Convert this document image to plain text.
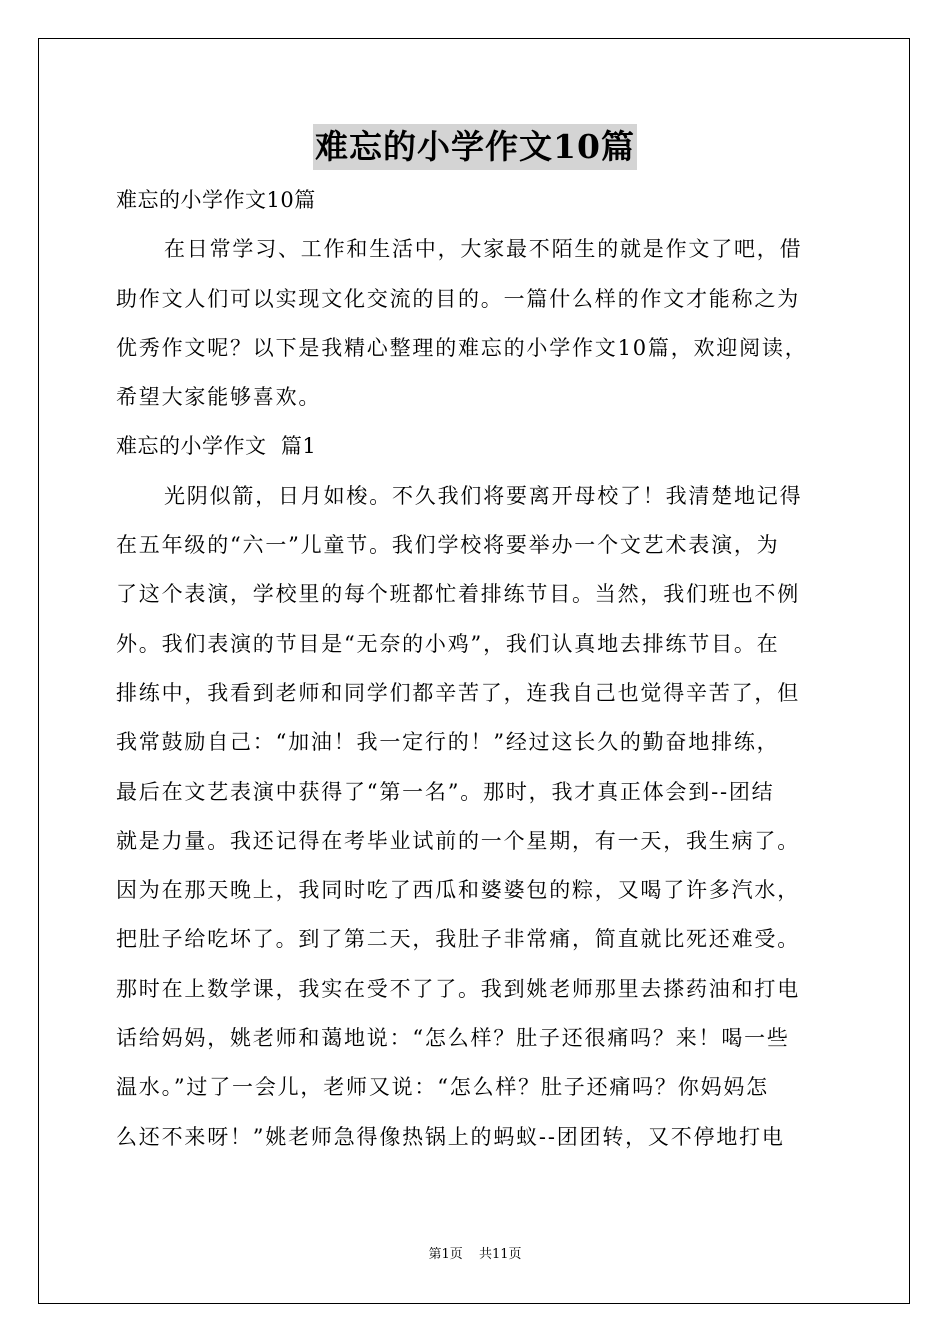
难忘的小学作文10篇
难忘的小学作文10篇
在日常学习、工作和生活中，大家最不陌生的就是作文了吧，借
助作文人们可以实现文化交流的目的。一篇什么样的作文才能称之为
优秀作文呢？以下是我精心整理的难忘的小学作文10篇，欢迎阅读，
希望大家能够喜欢。
难忘的小学作文  篇1
光阴似箭，日月如梭。不久我们将要离开母校了！我清楚地记得
在五年级的“六一”儿童节。我们学校将要举办一个文艺术表演，为
了这个表演，学校里的每个班都忙着排练节目。当然，我们班也不例
外。我们表演的节目是“无奈的小鸡”，我们认真地去排练节目。在
排练中，我看到老师和同学们都辛苦了，连我自己也觉得辛苦了，但
我常鼓励自己：“加油！我一定行的！”经过这长久的勤奋地排练，
最后在文艺表演中获得了“第一名”。那时，我才真正体会到--团结
就是力量。我还记得在考毕业试前的一个星期，有一天，我生病了。
因为在那天晚上，我同时吃了西瓜和婆婆包的粽，又喝了许多汽水，
把肚子给吃坏了。到了第二天，我肚子非常痛，简直就比死还难受。
那时在上数学课，我实在受不了了。我到姚老师那里去搽药油和打电
话给妈妈，姚老师和蔼地说：“怎么样？肚子还很痛吗？来！喝一些
温水。”过了一会儿，老师又说：“怎么样？肚子还痛吗？你妈妈怎
么还不来呀！”姚老师急得像热锅上的蚂蚁--团团转，又不停地打电
第1页 共11页
